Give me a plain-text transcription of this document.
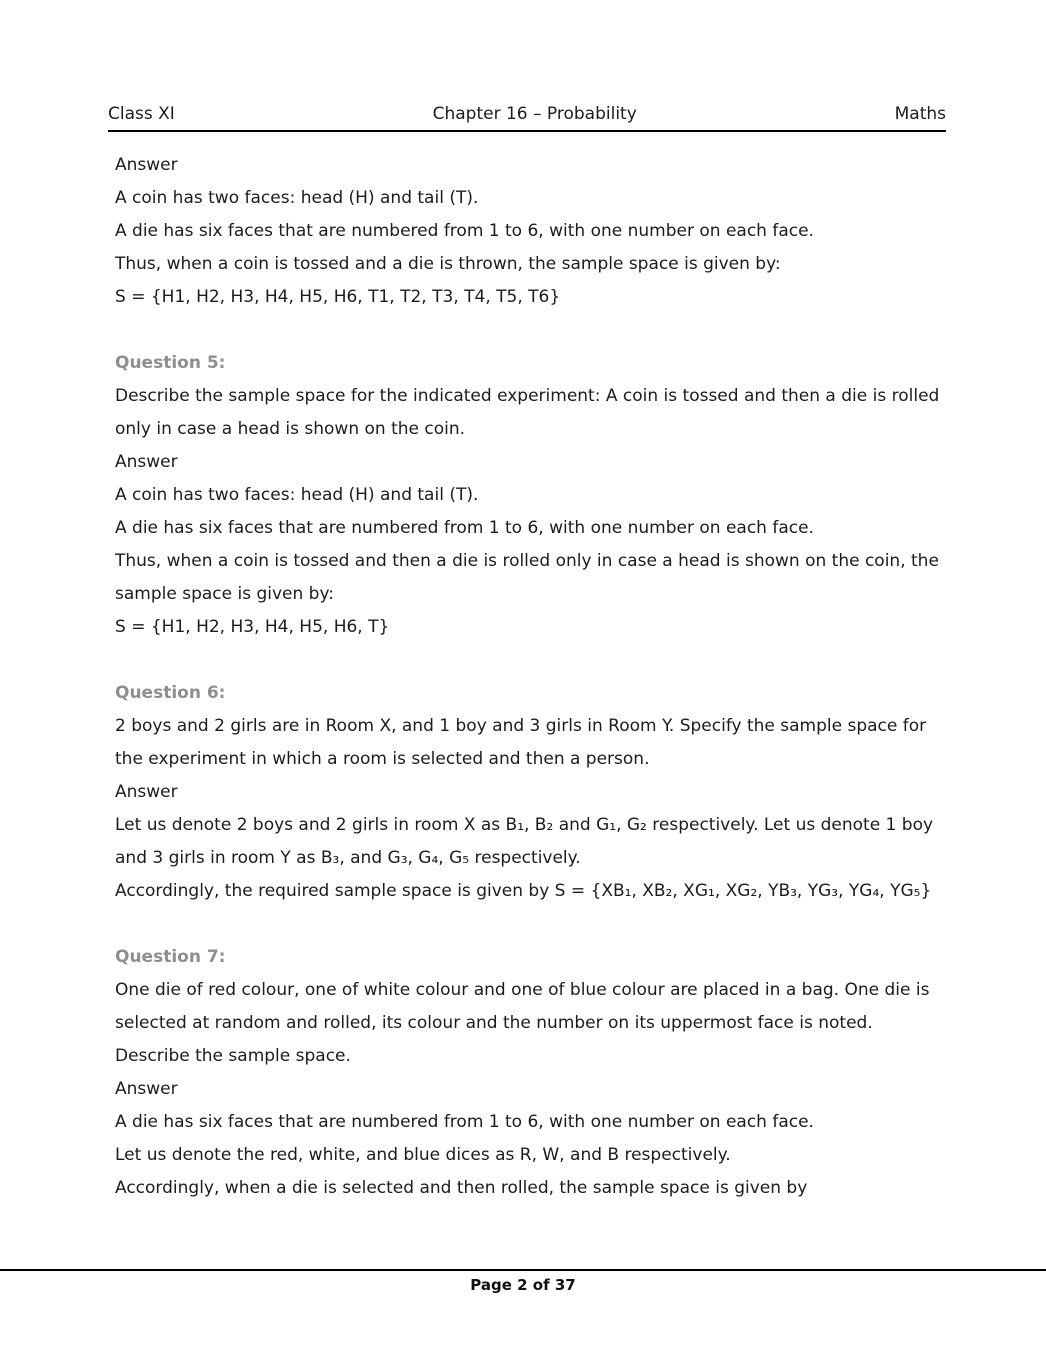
Class XI	Chapter 16 – Probability	Maths

Answer

A coin has two faces: head (H) and tail (T).

A die has six faces that are numbered from 1 to 6, with one number on each face.

Thus, when a coin is tossed and a die is thrown, the sample space is given by:

S = {H1, H2, H3, H4, H5, H6, T1, T2, T3, T4, T5, T6}

Question 5:

Describe the sample space for the indicated experiment: A coin is tossed and then a die is rolled only in case a head is shown on the coin.

Answer

A coin has two faces: head (H) and tail (T).

A die has six faces that are numbered from 1 to 6, with one number on each face.

Thus, when a coin is tossed and then a die is rolled only in case a head is shown on the coin, the sample space is given by:

S = {H1, H2, H3, H4, H5, H6, T}

Question 6:

2 boys and 2 girls are in Room X, and 1 boy and 3 girls in Room Y. Specify the sample space for the experiment in which a room is selected and then a person.

Answer

Let us denote 2 boys and 2 girls in room X as B₁, B₂ and G₁, G₂ respectively. Let us denote 1 boy and 3 girls in room Y as B₃, and G₃, G₄, G₅ respectively.

Accordingly, the required sample space is given by S = {XB₁, XB₂, XG₁, XG₂, YB₃, YG₃, YG₄, YG₅}

Question 7:

One die of red colour, one of white colour and one of blue colour are placed in a bag. One die is selected at random and rolled, its colour and the number on its uppermost face is noted. Describe the sample space.

Answer

A die has six faces that are numbered from 1 to 6, with one number on each face.

Let us denote the red, white, and blue dices as R, W, and B respectively.

Accordingly, when a die is selected and then rolled, the sample space is given by

Page 2 of 37
